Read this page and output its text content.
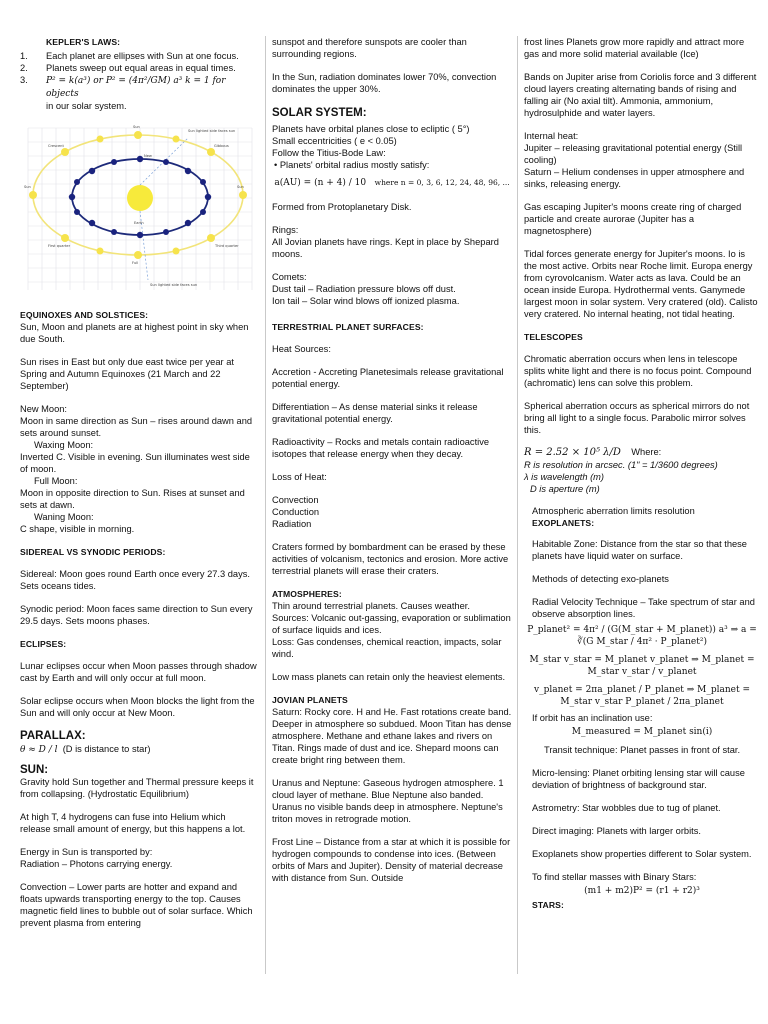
KEPLER'S LAWS:
1.	Each planet are ellipses with Sun at one focus.
2.	Planets sweep out equal areas in equal times.
3.	P² = k(a³) or P² = (4π²/GM) a³ k = 1 for objects
in our solar system.
Sun
Sun	Sun
Full
New
Sun lighted side faces sun
Sun lighted side faces sun
Gibbous
Crescent
First quarter	Third quarter
Earth
EQUINOXES AND SOLSTICES:

Sun, Moon and planets are at highest point in sky when due South.

Sun rises in East but only due east twice per year at Spring and Autumn Equinoxes (21 March and 22 September)

New Moon:
Moon in same direction as Sun – rises around dawn and sets around sunset.
Waxing Moon:
Inverted C. Visible in evening. Sun illuminates west side of moon.
Full Moon:
Moon in opposite direction to Sun. Rises at sunset and sets at dawn.
Waning Moon:
C shape, visible in morning.

SIDEREAL VS SYNODIC PERIODS:

Sidereal: Moon goes round Earth once every 27.3 days. Sets oceans tides.

Synodic period: Moon faces same direction to Sun every 29.5 days. Sets moons phases.

ECLIPSES:

Lunar eclipses occur when Moon passes through shadow cast by Earth and will only occur at full moon.

Solar eclipse occurs when Moon blocks the light from the Sun and will only occur at New Moon.

PARALLAX:

θ ≈ D / l (D is distance to star)

SUN:

Gravity hold Sun together and Thermal pressure keeps it from collapsing. (Hydrostatic Equilibrium)

At high T, 4 hydrogens can fuse into Helium which release small amount of energy, but this happens a lot.

Energy in Sun is transported by:
Radiation – Photons carrying energy.

Convection – Lower parts are hotter and expand and floats upwards transporting energy to the top. Causes magnetic field lines to bubble out of solar surface. Which prevent plasma from entering

sunspot and therefore sunspots are cooler than surrounding regions.

In the Sun, radiation dominates lower 70%, convection dominates the upper 30%.

SOLAR SYSTEM:

Planets have orbital planes close to ecliptic ( 5°)
Small eccentricities ( e < 0.05)
Follow the Titius-Bode Law:
• Planets' orbital radius mostly satisfy:

a(AU) = (n + 4) / 10 where n = 0, 3, 6, 12, 24, 48, 96, ...

Formed from Protoplanetary Disk.

Rings:
All Jovian planets have rings. Kept in place by Shepard moons.

Comets:
Dust tail – Radiation pressure blows off dust.
Ion tail – Solar wind blows off ionized plasma.

TERRESTRIAL PLANET SURFACES:

Heat Sources:

Accretion - Accreting Planetesimals release gravitational potential energy.

Differentiation – As dense material sinks it release gravitational potential energy.

Radioactivity – Rocks and metals contain radioactive isotopes that release energy when they decay.

Loss of Heat:

Convection
Conduction
Radiation

Craters formed by bombardment can be erased by these activities of volcanism, tectonics and erosion. More active terrestrial planets will erase their craters.

ATMOSPHERES:

Thin around terrestrial planets. Causes weather.
Sources: Volcanic out-gassing, evaporation or sublimation of surface liquids and ices.
Loss: Gas condenses, chemical reaction, impacts, solar wind.

Low mass planets can retain only the heaviest elements.

JOVIAN PLANETS

Saturn: Rocky core. H and He. Fast rotations create band. Deeper in atmosphere so subdued. Moon Titan has dense atmosphere. Methane and ethane lakes and rivers on Titan. Rings made of dust and ice. Shepard moons can create bright ring between them.

Uranus and Neptune: Gaseous hydrogen atmosphere. 1 cloud layer of methane. Blue Neptune also banded. Uranus no visible bands deep in atmosphere. Neptune's triton moves in retrograde motion.

Frost Line – Distance from a star at which it is possible for hydrogen compounds to condense into ices. (Between orbits of Mars and Jupiter). Density of material decrease with distance from Sun. Outside

frost lines Planets grow more rapidly and attract more gas and more solid material available (Ice)

Bands on Jupiter arise from Coriolis force and 3 different cloud layers creating alternating bands of rising and falling air (No axial tilt). Ammonia, ammonium, hydrosulphide and water layers.

Internal heat:
Jupiter – releasing gravitational potential energy (Still cooling)
Saturn – Helium condenses in upper atmosphere and sinks, releasing energy.

Gas escaping Jupiter's moons create ring of charged particle and create aurorae (Jupiter has a magnetosphere)

Tidal forces generate energy for Jupiter's moons. Io is the most active. Orbits near Roche limit. Europa energy from cyrovolcanism. Water acts as lava. Could be an ocean inside Europa. Hydrothermal vents. Ganymede largest moon in solar system. Very cratered (old). Calisto very cratered. No internal heating, not tidal heating.

TELESCOPES

Chromatic aberration occurs when lens in telescope splits white light and there is no focus point. Compound (achromatic) lens can solve this problem.

Spherical aberration occurs as spherical mirrors do not bring all light to a single focus. Parabolic mirror solves this.

R = 2.52 × 10⁵ λ/D Where:
R is resolution in arcsec. (1" = 1/3600 degrees)
λ is wavelength (m)
D is aperture (m)

Atmospheric aberration limits resolution
EXOPLANETS:

Habitable Zone: Distance from the star so that these planets have liquid water on surface.

Methods of detecting exo-planets

Radial Velocity Technique – Take spectrum of star and observe absorption lines.

P_planet² = 4π² / (G(M_star + M_planet)) a³ ⇒ a = ∛(G M_star / 4π² · P_planet²)
M_star v_star = M_planet v_planet ⇒ M_planet = M_star v_star / v_planet
v_planet = 2πa_planet / P_planet ⇒ M_planet = M_star v_star P_planet / 2πa_planet
If orbit has an inclination use:
M_measured = M_planet sin(i)

Transit technique: Planet passes in front of star.

Micro-lensing: Planet orbiting lensing star will cause deviation of brightness of background star.

Astrometry: Star wobbles due to tug of planet.

Direct imaging: Planets with larger orbits.

Exoplanets show properties different to Solar system.

To find stellar masses with Binary Stars:
(m1 + m2)P² = (r1 + r2)³
STARS:
